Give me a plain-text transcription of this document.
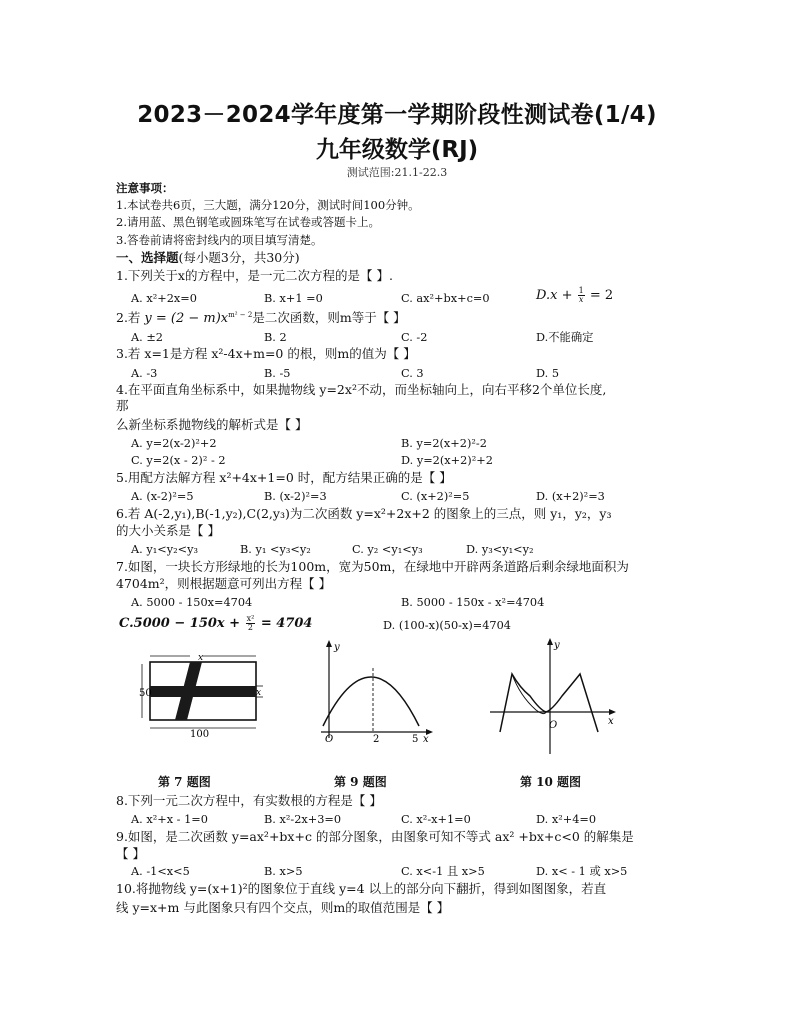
2023－2024学年度第一学期阶段性测试卷(1/4)
九年级数学(RJ)
测试范围:21.1-22.3
注意事项：
1.本试卷共6页，三大题，满分120分，测试时间100分钟。
2.请用蓝、黑色钢笔或圆珠笔写在试卷或答题卡上。
3.答卷前请将密封线内的项目填写清楚。
一、选择题(每小题3分，共30分)
1.下列关于x的方程中，是一元二次方程的是【 】.
A. x²+2x=0	B. x+1 =0	C. ax²+bx+c=0	$D.x + \frac{1}{x} = 2$
2.若 $y = (2 - m)x^{m^2 - 2}$是二次函数，则m等于【 】
A. ±2	B. 2	C. -2	D.不能确定
3.若 x=1是方程 x²-4x+m=0 的根，则m的值为【 】
A. -3	B. -5	C. 3	D. 5
4.在平面直角坐标系中，如果抛物线 y=2x²不动，而坐标轴向上，向右平移2个单位长度,
那
么新坐标系抛物线的解析式是【 】
A. y=2(x-2)²+2	B. y=2(x+2)²-2
C. y=2(x - 2)² - 2	D. y=2(x+2)²+2
5.用配方法解方程 x²+4x+1=0 时，配方结果正确的是【 】
A. (x-2)²=5	B. (x-2)²=3	C. (x+2)²=5	D. (x+2)²=3
6.若 A(-2,y₁),B(-1,y₂),C(2,y₃)为二次函数 y=x²+2x+2 的图象上的三点，则 y₁，y₂，y₃
的大小关系是【 】
A. y₁<y₂<y₃	B. y₁ <y₃<y₂	C. y₂ <y₁<y₃	D. y₃<y₁<y₂
7.如图，一块长方形绿地的长为100m，宽为50m，在绿地中开辟两条道路后剩余绿地面积为
4704m²，则根据题意可列出方程【 】
A. 5000 - 150x=4704	B. 5000 - 150x - x²=4704
$C.5000 - 150x + \frac{\text{x²}}{2} = 4704$	D. (100-x)(50-x)=4704
x
50
100
x
第 7 题图
y
O	2	5 x
第 9 题图
y
O	x
第 10 题图
8.下列一元二次方程中，有实数根的方程是【 】
A. x²+x - 1=0	B. x²-2x+3=0	C. x²-x+1=0	D. x²+4=0
9.如图，是二次函数 y=ax²+bx+c 的部分图象，由图象可知不等式 ax² +bx+c<0 的解集是
【 】
A. -1<x<5	B. x>5	C. x<-1 且 x>5	D. x< - 1 或 x>5
10.将抛物线 y=(x+1)²的图象位于直线 y=4 以上的部分向下翻折，得到如图图象，若直
线 y=x+m 与此图象只有四个交点，则m的取值范围是【 】
